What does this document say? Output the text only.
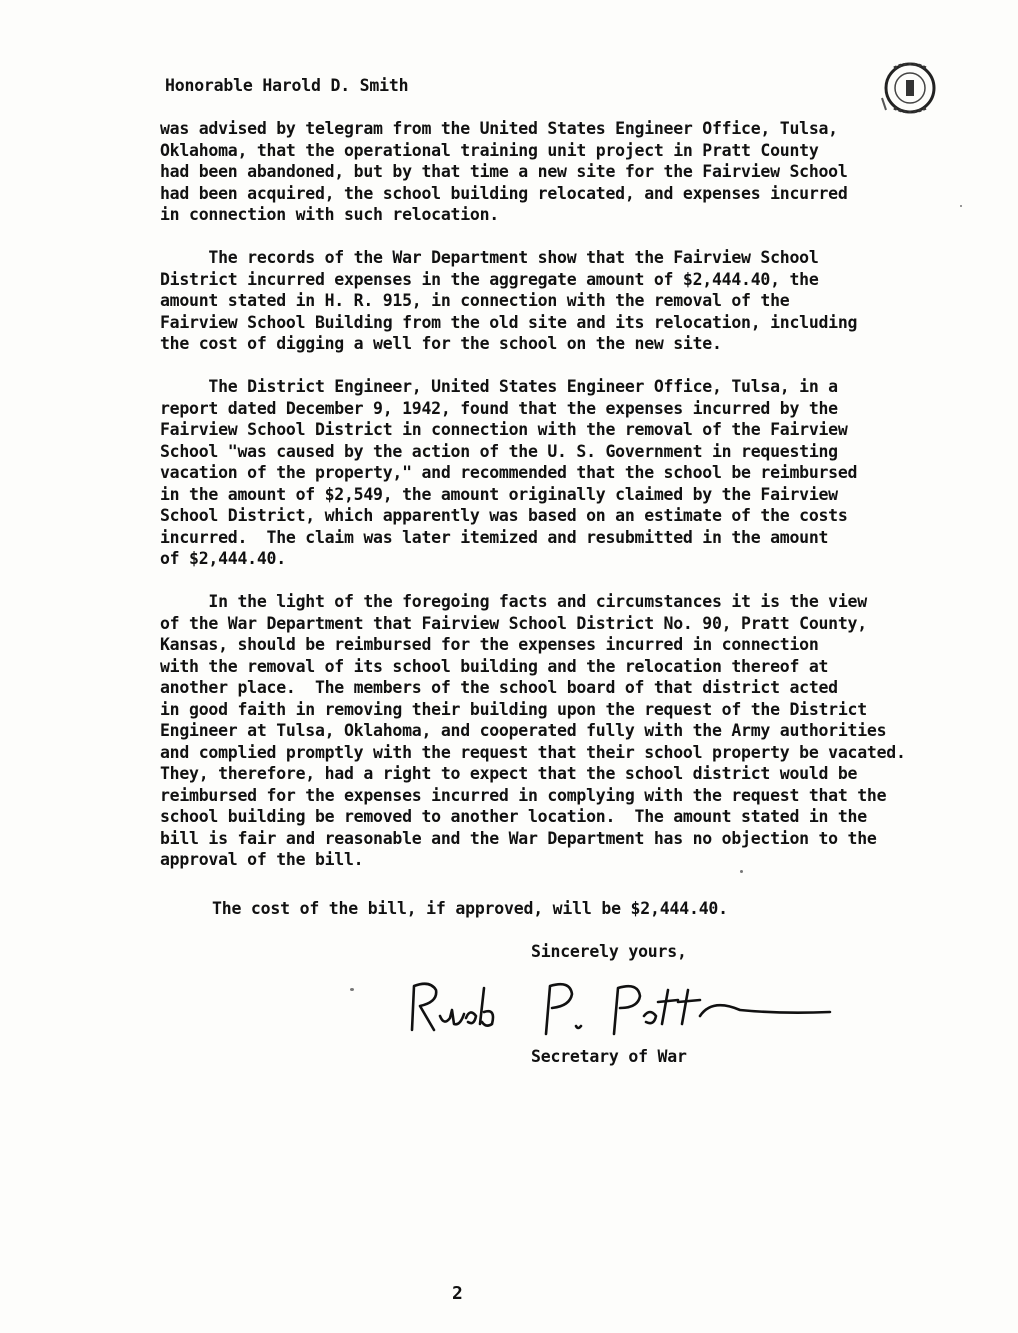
Honorable Harold D. Smith
was advised by telegram from the United States Engineer Office, Tulsa,
Oklahoma, that the operational training unit project in Pratt County
had been abandoned, but by that time a new site for the Fairview School
had been acquired, the school building relocated, and expenses incurred
in connection with such relocation.
The records of the War Department show that the Fairview School
District incurred expenses in the aggregate amount of $2,444.40, the
amount stated in H. R. 915, in connection with the removal of the
Fairview School Building from the old site and its relocation, including
the cost of digging a well for the school on the new site.
The District Engineer, United States Engineer Office, Tulsa, in a
report dated December 9, 1942, found that the expenses incurred by the
Fairview School District in connection with the removal of the Fairview
School "was caused by the action of the U. S. Government in requesting
vacation of the property," and recommended that the school be reimbursed
in the amount of $2,549, the amount originally claimed by the Fairview
School District, which apparently was based on an estimate of the costs
incurred.  The claim was later itemized and resubmitted in the amount
of $2,444.40.
In the light of the foregoing facts and circumstances it is the view
of the War Department that Fairview School District No. 90, Pratt County,
Kansas, should be reimbursed for the expenses incurred in connection
with the removal of its school building and the relocation thereof at
another place.  The members of the school board of that district acted
in good faith in removing their building upon the request of the District
Engineer at Tulsa, Oklahoma, and cooperated fully with the Army authorities
and complied promptly with the request that their school property be vacated.
They, therefore, had a right to expect that the school district would be
reimbursed for the expenses incurred in complying with the request that the
school building be removed to another location.  The amount stated in the
bill is fair and reasonable and the War Department has no objection to the
approval of the bill.
The cost of the bill, if approved, will be $2,444.40.
Sincerely yours,
Secretary of War
2
